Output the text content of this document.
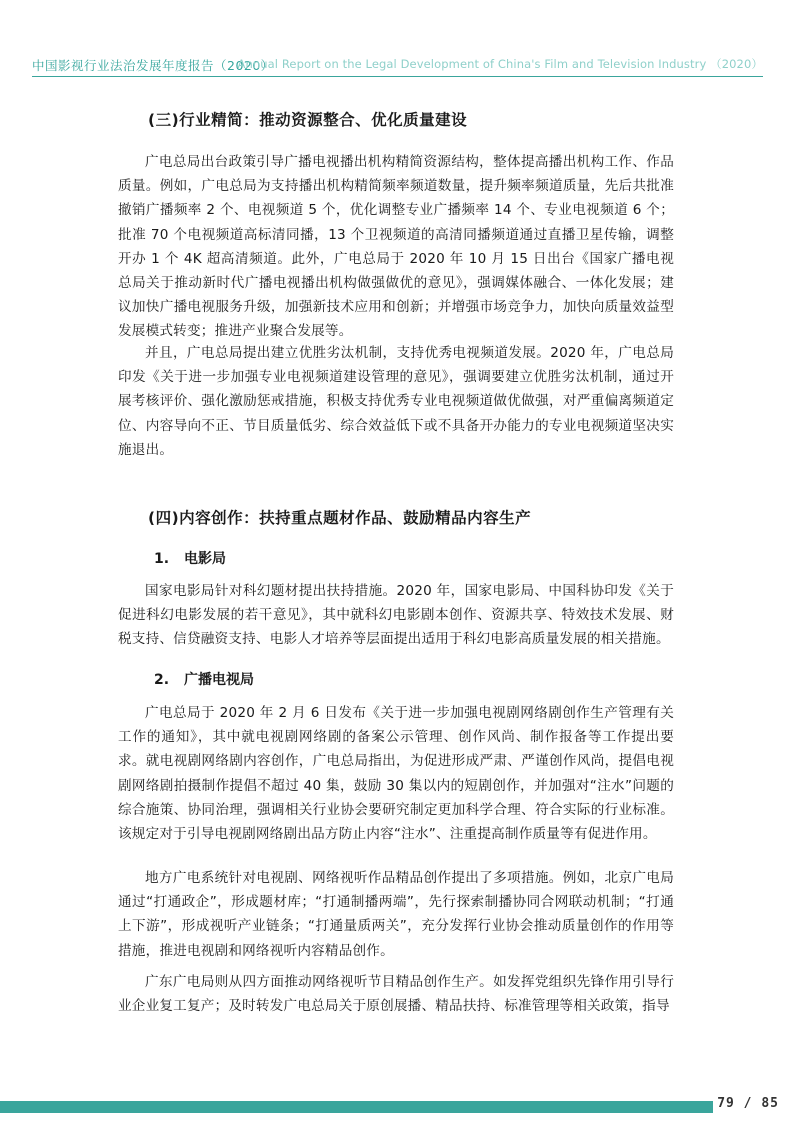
中国影视行业法治发展年度报告（2020）
Annual Report on the Legal Development of China's Film and Television Industry （2020）
(三)行业精简：推动资源整合、优化质量建设

广电总局出台政策引导广播电视播出机构精简资源结构，整体提高播出机构工作、作品质量。例如，广电总局为支持播出机构精简频率频道数量，提升频率频道质量，先后共批准撤销广播频率 2 个、电视频道 5 个，优化调整专业广播频率 14 个、专业电视频道 6 个；批准 70 个电视频道高标清同播，13 个卫视频道的高清同播频道通过直播卫星传输，调整开办 1 个 4K 超高清频道。此外，广电总局于 2020 年 10 月 15 日出台《国家广播电视总局关于推动新时代广播电视播出机构做强做优的意见》，强调媒体融合、一体化发展；建议加快广播电视服务升级，加强新技术应用和创新；并增强市场竞争力，加快向质量效益型发展模式转变；推进产业聚合发展等。

并且，广电总局提出建立优胜劣汰机制，支持优秀电视频道发展。2020 年，广电总局印发《关于进一步加强专业电视频道建设管理的意见》，强调要建立优胜劣汰机制，通过开展考核评价、强化激励惩戒措施，积极支持优秀专业电视频道做优做强，对严重偏离频道定位、内容导向不正、节目质量低劣、综合效益低下或不具备开办能力的专业电视频道坚决实施退出。

(四)内容创作：扶持重点题材作品、鼓励精品内容生产
1. 电影局

国家电影局针对科幻题材提出扶持措施。2020 年，国家电影局、中国科协印发《关于促进科幻电影发展的若干意见》，其中就科幻电影剧本创作、资源共享、特效技术发展、财税支持、信贷融资支持、电影人才培养等层面提出适用于科幻电影高质量发展的相关措施。

2. 广播电视局

广电总局于 2020 年 2 月 6 日发布《关于进一步加强电视剧网络剧创作生产管理有关工作的通知》，其中就电视剧网络剧的备案公示管理、创作风尚、制作报备等工作提出要求。就电视剧网络剧内容创作，广电总局指出，为促进形成严肃、严谨创作风尚，提倡电视剧网络剧拍摄制作提倡不超过 40 集，鼓励 30 集以内的短剧创作，并加强对“注水”问题的综合施策、协同治理，强调相关行业协会要研究制定更加科学合理、符合实际的行业标准。该规定对于引导电视剧网络剧出品方防止内容“注水”、注重提高制作质量等有促进作用。

地方广电系统针对电视剧、网络视听作品精品创作提出了多项措施。例如，北京广电局通过“打通政企”，形成题材库；“打通制播两端”，先行探索制播协同合网联动机制；“打通上下游”，形成视听产业链条；“打通量质两关”，充分发挥行业协会推动质量创作的作用等措施，推进电视剧和网络视听内容精品创作。

广东广电局则从四方面推动网络视听节目精品创作生产。如发挥党组织先锋作用引导行业企业复工复产；及时转发广电总局关于原创展播、精品扶持、标准管理等相关政策，指导

79 / 85
